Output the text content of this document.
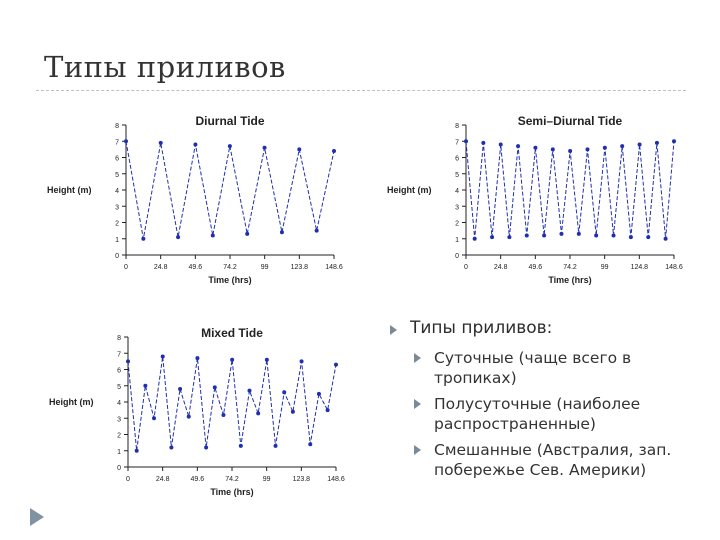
Типы приливов
Diurnal Tide
0
1
2
3
4
5
6
7
8
0	24.8	49.6	74.2	99	123.8 148.6
Time (hrs)
Height (m)
Semi–Diurnal Tide
0
1
2
3
4
5
6
7
8
0	24.8	49.6	74.2	99	124.8 148.6
Time (hrs)
Height (m)
Mixed Tide
0
1
2
3
4
5
6
7
8
0	24.8	49.6	74.2	99	123.8 148.6
Time (hrs)
Height (m)
Типы приливов:
Суточные (чаще всего в тропиках)
Полусуточные (наиболее распространенные)
Смешанные (Австралия, зап. побережье Сев. Америки)
